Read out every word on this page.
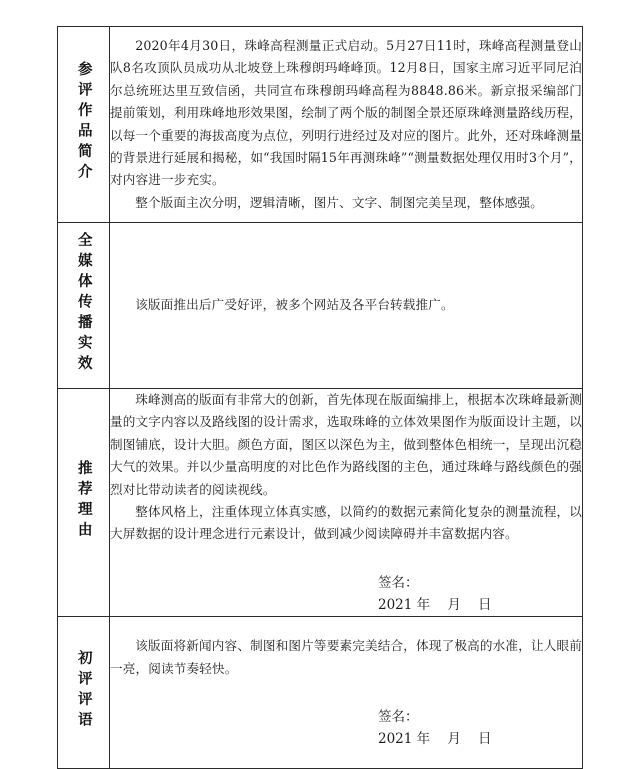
参评作品简介	2020年4月30日，珠峰高程测量正式启动。5月27日11时，珠峰高程测量登山队8名攻顶队员成功从北坡登上珠穆朗玛峰峰顶。12月8日，国家主席习近平同尼泊尔总统班达里互致信函，共同宣布珠穆朗玛峰高程为8848.86米。新京报采编部门提前策划，利用珠峰地形效果图，绘制了两个版的制图全景还原珠峰测量路线历程，以每一个重要的海拔高度为点位，列明行进经过及对应的图片。此外，还对珠峰测量的背景进行延展和揭秘，如“我国时隔15年再测珠峰”“测量数据处理仅用时3个月”，对内容进一步充实。

整个版面主次分明，逻辑清晰，图片、文字、制图完美呈现，整体感强。

全媒体传播实效	该版面推出后广受好评，被多个网站及各平台转载推广。

推荐理由	珠峰测高的版面有非常大的创新，首先体现在版面编排上，根据本次珠峰最新测量的文字内容以及路线图的设计需求，选取珠峰的立体效果图作为版面设计主题，以制图铺底，设计大胆。颜色方面，图区以深色为主，做到整体色相统一，呈现出沉稳大气的效果。并以少量高明度的对比色作为路线图的主色，通过珠峰与路线颜色的强烈对比带动读者的阅读视线。

整体风格上，注重体现立体真实感，以简约的数据元素简化复杂的测量流程，以大屏数据的设计理念进行元素设计，做到减少阅读障碍并丰富数据内容。

签名：
2021 年    月    日

初评评语	该版面将新闻内容、制图和图片等要素完美结合，体现了极高的水准，让人眼前一亮，阅读节奏轻快。

签名：
2021 年    月    日
